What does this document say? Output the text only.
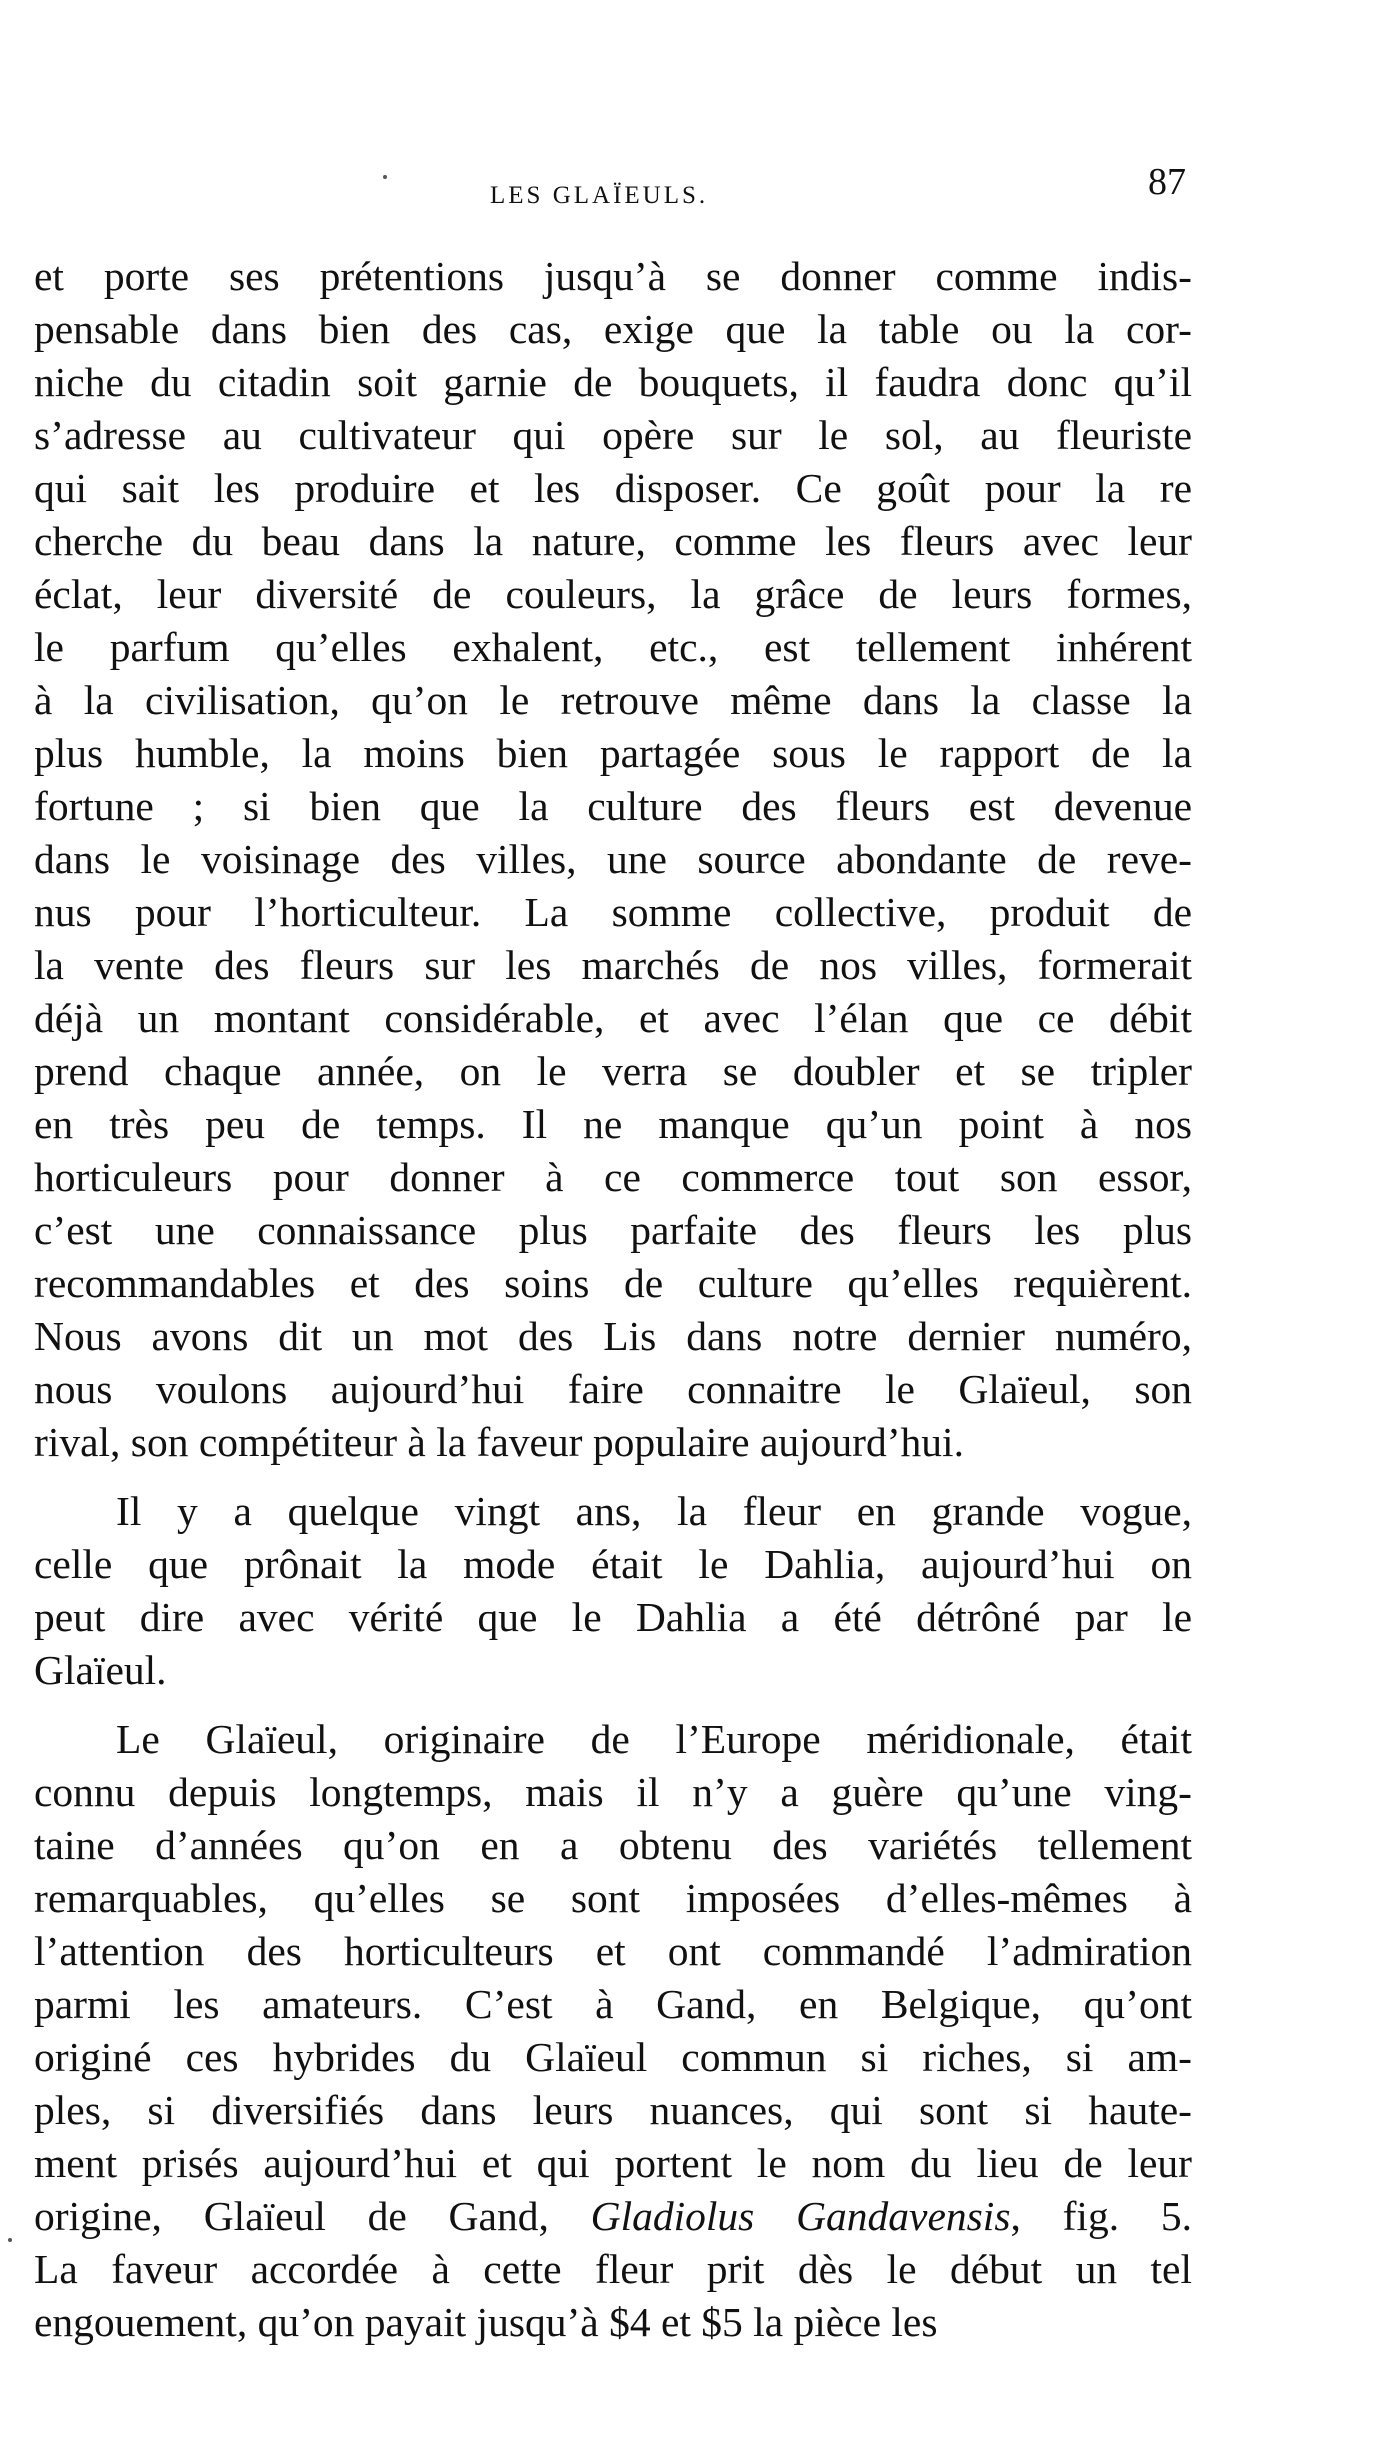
LES GLAÏEULS.	87
et porte ses prétentions jusqu’à se donner comme indis-
pensable dans bien des cas, exige que la table ou la cor-
niche du citadin soit garnie de bouquets, il faudra donc qu’il
s’adresse au cultivateur qui opère sur le sol, au fleuriste
qui sait les produire et les disposer. Ce goût pour la re
cherche du beau dans la nature, comme les fleurs avec leur
éclat, leur diversité de couleurs, la grâce de leurs formes,
le parfum qu’elles exhalent, etc., est tellement inhérent
à la civilisation, qu’on le retrouve même dans la classe la
plus humble, la moins bien partagée sous le rapport de la
fortune ; si bien que la culture des fleurs est devenue
dans le voisinage des villes, une source abondante de reve-
nus pour l’horticulteur. La somme collective, produit de
la vente des fleurs sur les marchés de nos villes, formerait
déjà un montant considérable, et avec l’élan que ce débit
prend chaque année, on le verra se doubler et se tripler
en très peu de temps. Il ne manque qu’un point à nos
horticuleurs pour donner à ce commerce tout son essor,
c’est une connaissance plus parfaite des fleurs les plus
recommandables et des soins de culture qu’elles requièrent.
Nous avons dit un mot des Lis dans notre dernier numéro,
nous voulons aujourd’hui faire connaitre le Glaïeul, son
rival, son compétiteur à la faveur populaire aujourd’hui.
Il y a quelque vingt ans, la fleur en grande vogue,
celle que prônait la mode était le Dahlia, aujourd’hui on
peut dire avec vérité que le Dahlia a été détrôné par le
Glaïeul.
Le Glaïeul, originaire de l’Europe méridionale, était
connu depuis longtemps, mais il n’y a guère qu’une ving-
taine d’années qu’on en a obtenu des variétés tellement
remarquables, qu’elles se sont imposées d’elles-mêmes à
l’attention des horticulteurs et ont commandé l’admiration
parmi les amateurs. C’est à Gand, en Belgique, qu’ont
originé ces hybrides du Glaïeul commun si riches, si am-
ples, si diversifiés dans leurs nuances, qui sont si haute-
ment prisés aujourd’hui et qui portent le nom du lieu de leur
origine, Glaïeul de Gand, Gladiolus Gandavensis, fig. 5.
La faveur accordée à cette fleur prit dès le début un tel
engouement, qu’on payait jusqu’à $4 et $5 la pièce les
